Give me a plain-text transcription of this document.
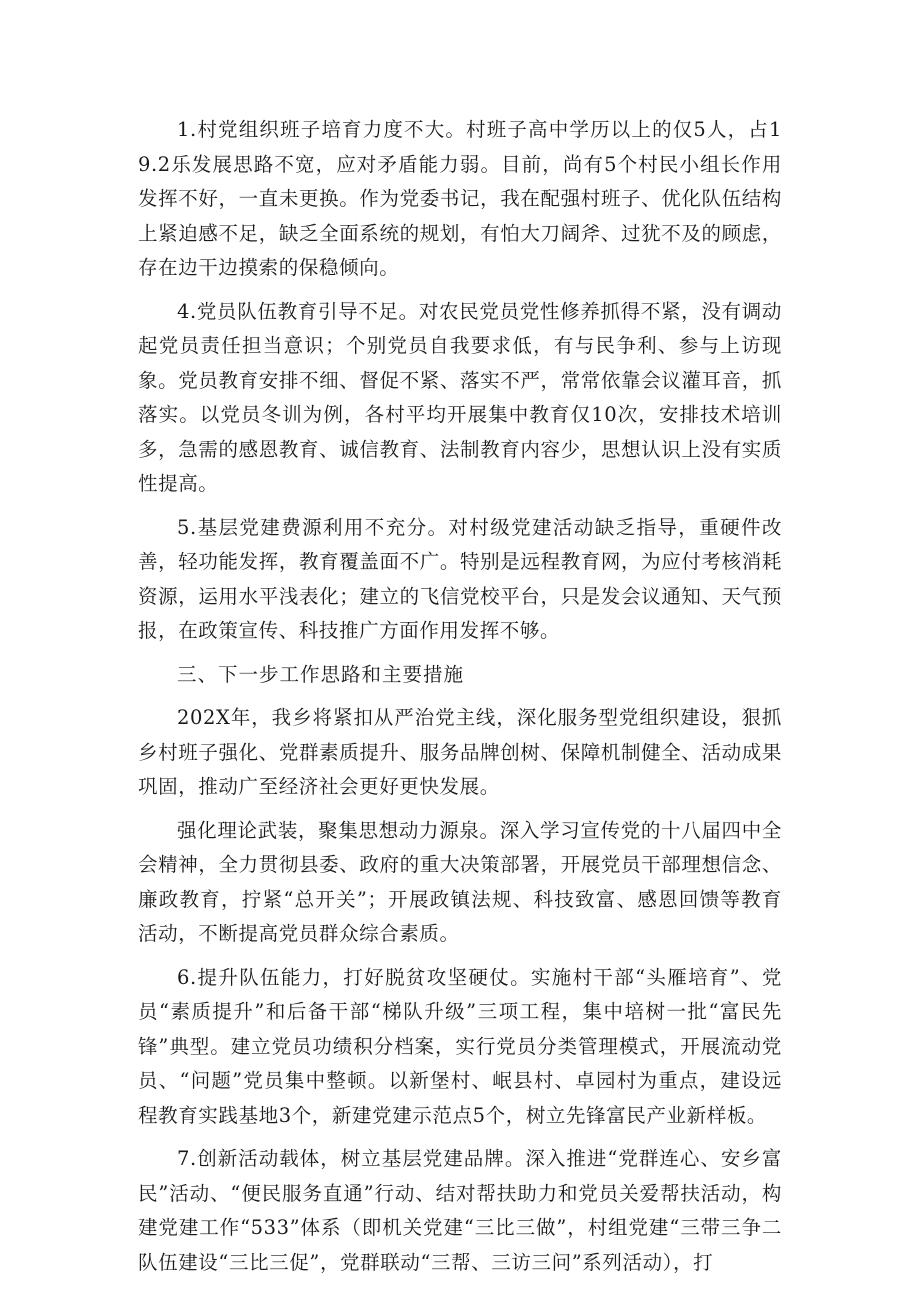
1.村党组织班子培育力度不大。村班子高中学历以上的仅5人，占19.2乐发展思路不宽，应对矛盾能力弱。目前，尚有5个村民小组长作用发挥不好，一直未更换。作为党委书记，我在配强村班子、优化队伍结构上紧迫感不足，缺乏全面系统的规划，有怕大刀阔斧、过犹不及的顾虑，存在边干边摸索的保稳倾向。

4.党员队伍教育引导不足。对农民党员党性修养抓得不紧，没有调动起党员责任担当意识；个别党员自我要求低，有与民争利、参与上访现象。党员教育安排不细、督促不紧、落实不严，常常依靠会议灌耳音，抓落实。以党员冬训为例，各村平均开展集中教育仅10次，安排技术培训多，急需的感恩教育、诚信教育、法制教育内容少，思想认识上没有实质性提高。

5.基层党建费源利用不充分。对村级党建活动缺乏指导，重硬件改善，轻功能发挥，教育覆盖面不广。特别是远程教育网，为应付考核消耗资源，运用水平浅表化；建立的飞信党校平台，只是发会议通知、天气预报，在政策宣传、科技推广方面作用发挥不够。

三、下一步工作思路和主要措施

202X年，我乡将紧扣从严治党主线，深化服务型党组织建设，狠抓乡村班子强化、党群素质提升、服务品牌创树、保障机制健全、活动成果巩固，推动广至经济社会更好更快发展。

强化理论武装，聚集思想动力源泉。深入学习宣传党的十八届四中全会精神，全力贯彻县委、政府的重大决策部署，开展党员干部理想信念、廉政教育，拧紧“总开关”；开展政镇法规、科技致富、感恩回馈等教育活动，不断提高党员群众综合素质。

6.提升队伍能力，打好脱贫攻坚硬仗。实施村干部“头雁培育”、党员“素质提升”和后备干部“梯队升级”三项工程，集中培树一批“富民先锋”典型。建立党员功绩积分档案，实行党员分类管理模式，开展流动党员、“问题”党员集中整顿。以新堡村、岷县村、卓园村为重点，建设远程教育实践基地3个，新建党建示范点5个，树立先锋富民产业新样板。

7.创新活动载体，树立基层党建品牌。深入推进“党群连心、安乡富民”活动、“便民服务直通”行动、结对帮扶助力和党员关爱帮扶活动，构建党建工作“533”体系（即机关党建“三比三做”，村组党建“三带三争二队伍建设“三比三促”，党群联动“三帮、三访三问”系列活动），打
